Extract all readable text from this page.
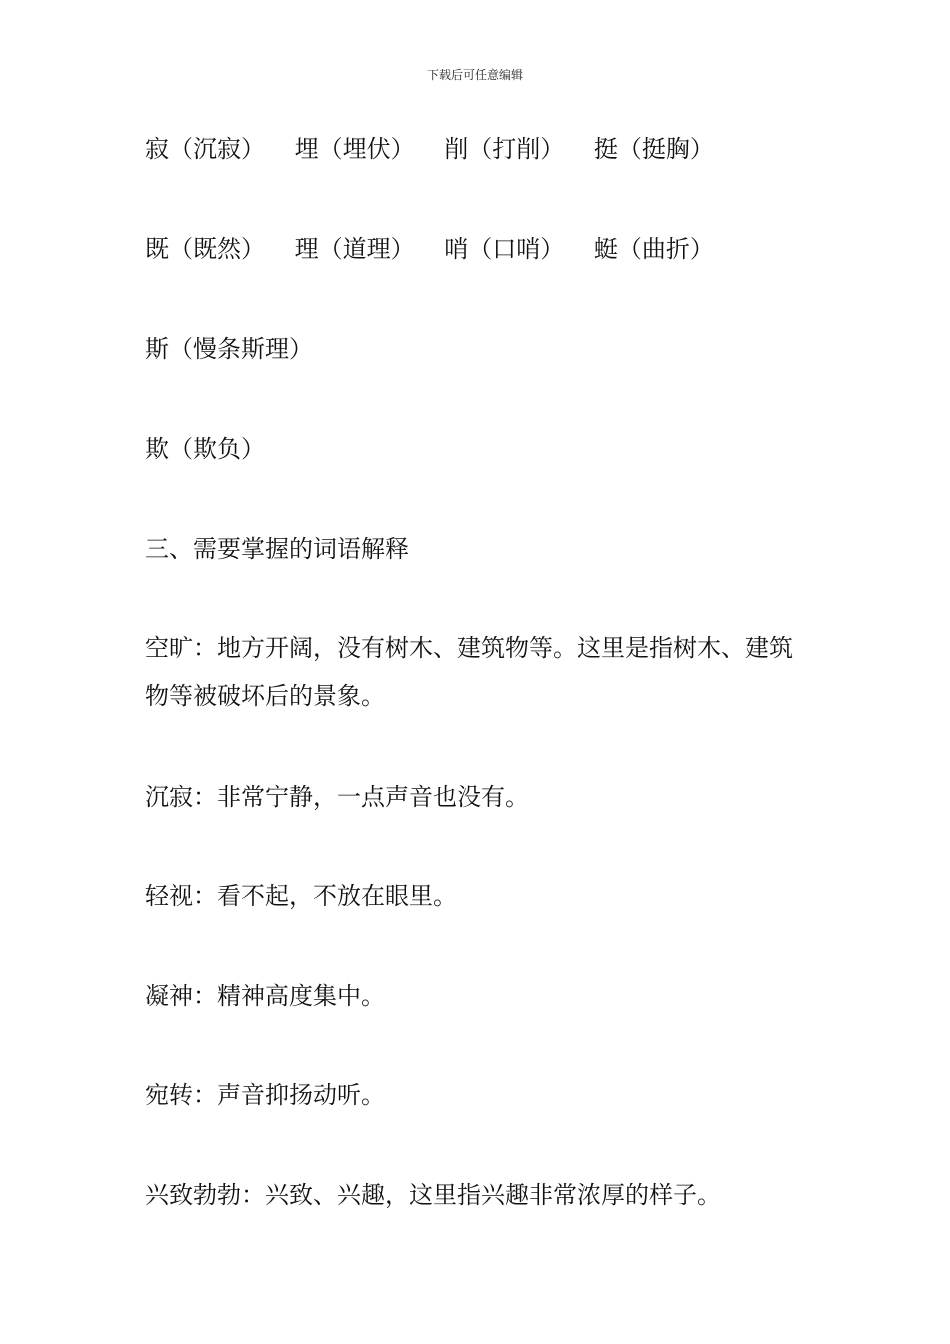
下载后可任意编辑
寂（沉寂） 埋（埋伏） 削（打削） 挺（挺胸）
既（既然） 理（道理） 哨（口哨） 蜓（曲折）
斯（慢条斯理）
欺（欺负）
三、需要掌握的词语解释
空旷：地方开阔，没有树木、建筑物等。这里是指树木、建筑物等被破坏后的景象。
沉寂：非常宁静，一点声音也没有。
轻视：看不起，不放在眼里。
凝神：精神高度集中。
宛转：声音抑扬动听。
兴致勃勃：兴致、兴趣，这里指兴趣非常浓厚的样子。
